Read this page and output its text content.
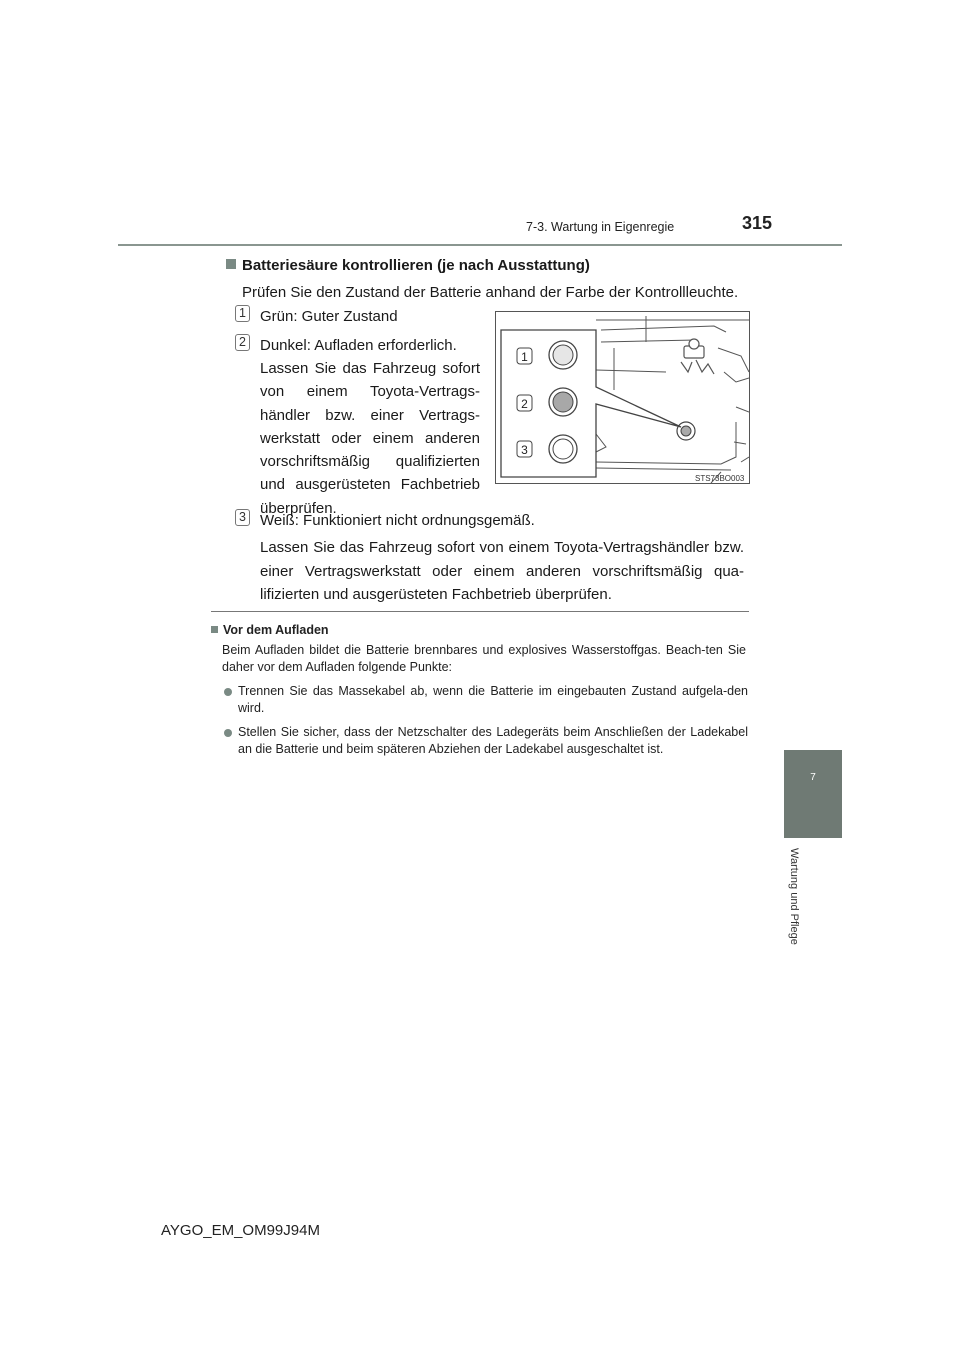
7-3. Wartung in Eigenregie	315
7
Wartung und Pflege
Batteriesäure kontrollieren (je nach Ausstattung)
Prüfen Sie den Zustand der Batterie anhand der Farbe der Kontrollleuchte.
1 Grün: Guter Zustand
2 Dunkel: Aufladen erforderlich.
Lassen Sie das Fahrzeug sofort von einem Toyota-Vertrags-händler bzw. einer Vertrags-werkstatt oder einem anderen vorschriftsmäßig qualifizierten und ausgerüsteten Fachbetrieb überprüfen.
1
2
3
STS73BO003
3 Weiß: Funktioniert nicht ordnungsgemäß.
Lassen Sie das Fahrzeug sofort von einem Toyota-Vertragshändler bzw. einer Vertragswerkstatt oder einem anderen vorschriftsmäßig qua-lifizierten und ausgerüsteten Fachbetrieb überprüfen.
Vor dem Aufladen
Beim Aufladen bildet die Batterie brennbares und explosives Wasserstoffgas. Beach-ten Sie daher vor dem Aufladen folgende Punkte:
Trennen Sie das Massekabel ab, wenn die Batterie im eingebauten Zustand aufgela-den wird.
Stellen Sie sicher, dass der Netzschalter des Ladegeräts beim Anschließen der Ladekabel an die Batterie und beim späteren Abziehen der Ladekabel ausgeschaltet ist.
AYGO_EM_OM99J94M
